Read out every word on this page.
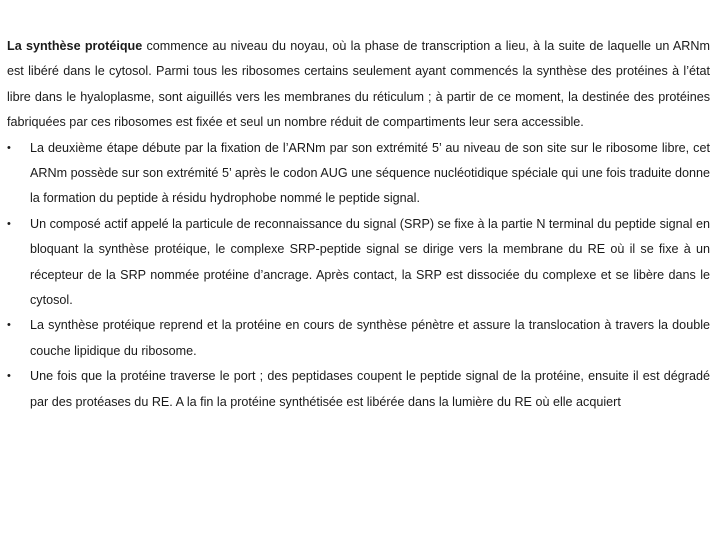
La synthèse protéique commence au niveau du noyau, où la phase de transcription a lieu, à la suite de laquelle un ARNm est libéré dans le cytosol. Parmi tous les ribosomes certains seulement ayant commencés la synthèse des protéines à l’état libre dans le hyaloplasme, sont aiguillés vers les membranes du réticulum ; à partir de ce moment, la destinée des protéines fabriquées par ces ribosomes est fixée et seul un nombre réduit de compartiments leur sera accessible.

• La deuxième étape débute par la fixation de l’ARNm par son extrémité 5’ au niveau de son site sur le ribosome libre, cet ARNm possède sur son extrémité 5’ après le codon AUG une séquence nucléotidique spéciale qui une fois traduite donne la formation du peptide à résidu hydrophobe nommé le peptide signal.
• Un composé actif appelé la particule de reconnaissance du signal (SRP) se fixe à la partie N terminal du peptide signal en bloquant la synthèse protéique, le complexe SRP-peptide signal se dirige vers la membrane du RE où il se fixe à un récepteur de la SRP nommée protéine d’ancrage. Après contact, la SRP est dissociée du complexe et se libère dans le cytosol.
• La synthèse protéique reprend et la protéine en cours de synthèse pénètre et assure la translocation à travers la double couche lipidique du ribosome.
• Une fois que la protéine traverse le port ; des peptidases coupent le peptide signal de la protéine, ensuite il est dégradé par des protéases du RE. A la fin la protéine synthétisée est libérée dans la lumière du RE où elle acquiert
